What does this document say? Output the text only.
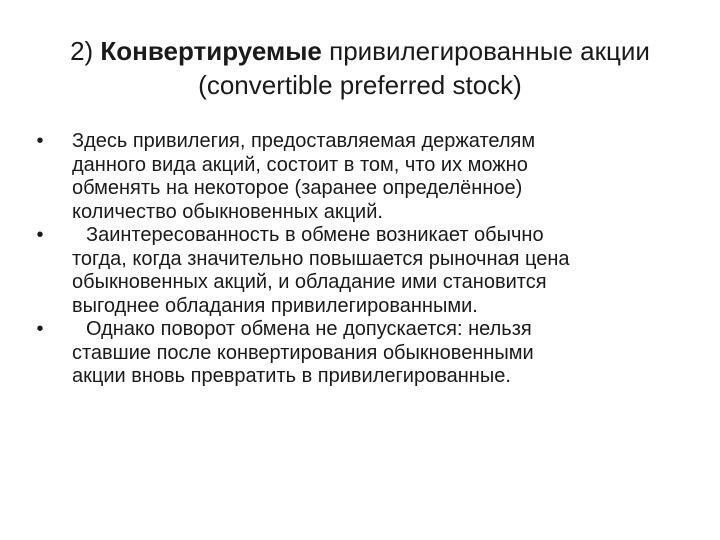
2) Конвертируемые привилегированные акции
(convertible preferred stock)
• Здесь привилегия, предоставляемая держателям
данного вида акций, состоит в том, что их можно
обменять на некоторое (заранее определённое)
количество обыкновенных акций.
•	Заинтересованность в обмене возникает обычно
тогда, когда значительно повышается рыночная цена
обыкновенных акций, и обладание ими становится
выгоднее обладания привилегированными.
•	Однако поворот обмена не допускается: нельзя
ставшие после конвертирования обыкновенными
акции вновь превратить в привилегированные.
